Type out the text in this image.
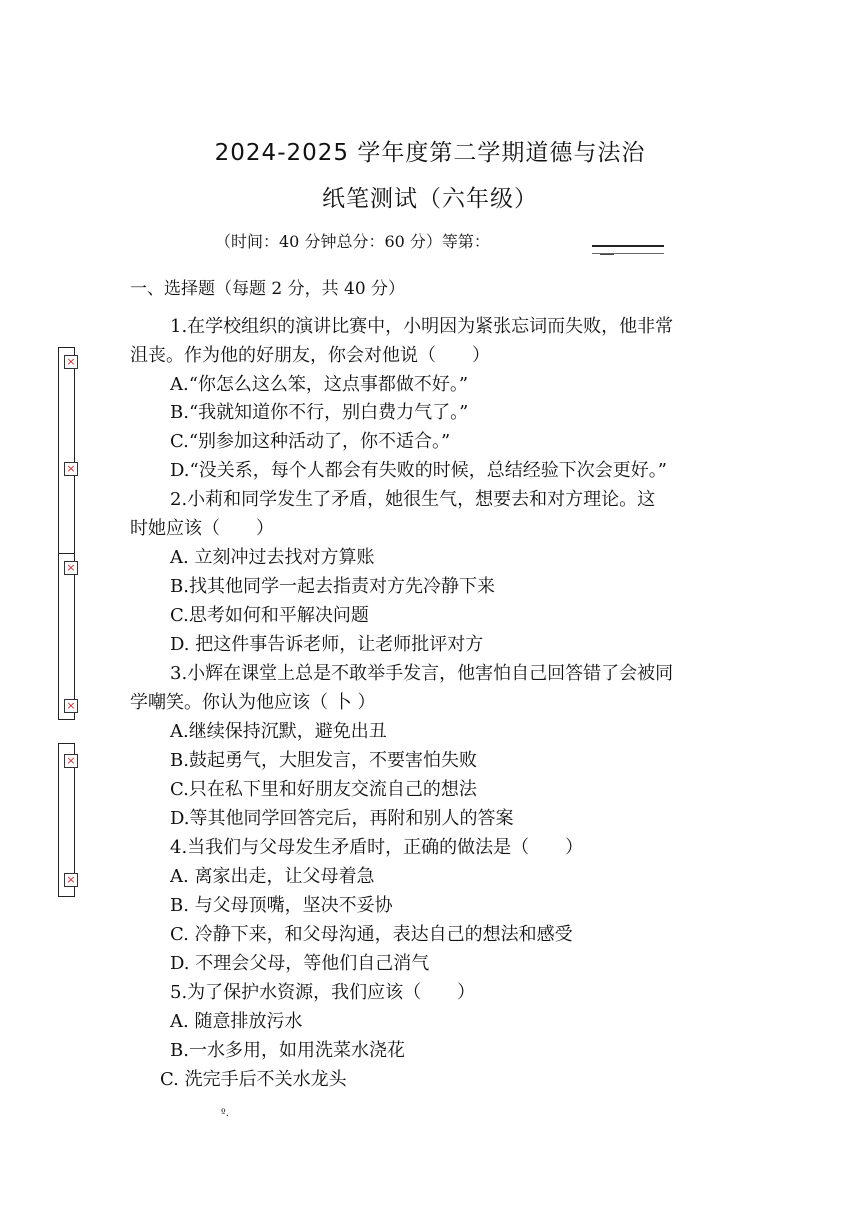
2024-2025 学年度第二学期道德与法治
纸笔测试（六年级）
（时间：40 分钟总分：60 分）等第：
一、选择题（每题 2 分，共 40 分）
1.在学校组织的演讲比赛中，小明因为紧张忘词而失败，他非常
沮丧。作为他的好朋友，你会对他说（　　）
A.“你怎么这么笨，这点事都做不好。”
B.“我就知道你不行，别白费力气了。”
C.“别参加这种活动了，你不适合。”
D.“没关系，每个人都会有失败的时候，总结经验下次会更好。”
2.小莉和同学发生了矛盾，她很生气，想要去和对方理论。这
时她应该（　　）
A. 立刻冲过去找对方算账
B.找其他同学一起去指责对方先冷静下来
C.思考如何和平解决问题
D. 把这件事告诉老师，让老师批评对方
3.小辉在课堂上总是不敢举手发言，他害怕自己回答错了会被同
学嘲笑。你认为他应该（ 卜 ）
A.继续保持沉默，避免出丑
B.鼓起勇气，大胆发言，不要害怕失败
C.只在私下里和好朋友交流自己的想法
D.等其他同学回答完后，再附和别人的答案
4.当我们与父母发生矛盾时，正确的做法是（　　）
A. 离家出走，让父母着急
B. 与父母顶嘴，坚决不妥协
C. 冷静下来，和父母沟通，表达自己的想法和感受
D. 不理会父母，等他们自己消气
5.为了保护水资源，我们应该（　　）
A. 随意排放污水
B.一水多用，如用洗菜水浇花
C. 洗完手后不关水龙头
º.
×
×
×
×
×
×
